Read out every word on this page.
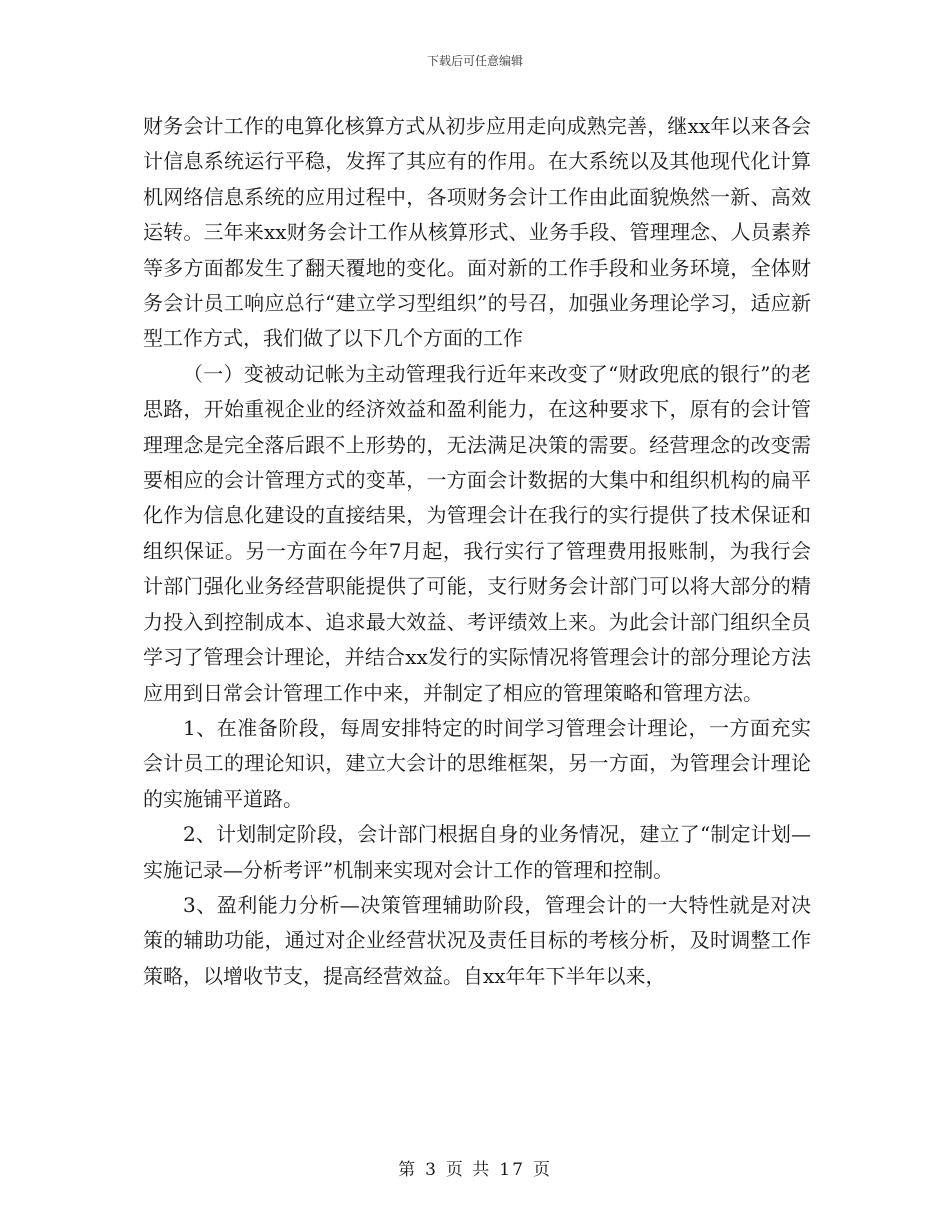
下载后可任意编辑

财务会计工作的电算化核算方式从初步应用走向成熟完善，继xx年以来各会计信息系统运行平稳，发挥了其应有的作用。在大系统以及其他现代化计算机网络信息系统的应用过程中，各项财务会计工作由此面貌焕然一新、高效运转。三年来xx财务会计工作从核算形式、业务手段、管理理念、人员素养等多方面都发生了翻天覆地的变化。面对新的工作手段和业务环境，全体财务会计员工响应总行“建立学习型组织”的号召，加强业务理论学习，适应新型工作方式，我们做了以下几个方面的工作

（一）变被动记帐为主动管理我行近年来改变了“财政兜底的银行”的老思路，开始重视企业的经济效益和盈利能力，在这种要求下，原有的会计管理理念是完全落后跟不上形势的，无法满足决策的需要。经营理念的改变需要相应的会计管理方式的变革，一方面会计数据的大集中和组织机构的扁平化作为信息化建设的直接结果，为管理会计在我行的实行提供了技术保证和组织保证。另一方面在今年7月起，我行实行了管理费用报账制，为我行会计部门强化业务经营职能提供了可能，支行财务会计部门可以将大部分的精力投入到控制成本、追求最大效益、考评绩效上来。为此会计部门组织全员学习了管理会计理论，并结合xx发行的实际情况将管理会计的部分理论方法应用到日常会计管理工作中来，并制定了相应的管理策略和管理方法。

1、在准备阶段，每周安排特定的时间学习管理会计理论，一方面充实会计员工的理论知识，建立大会计的思维框架，另一方面，为管理会计理论的实施铺平道路。

2、计划制定阶段，会计部门根据自身的业务情况，建立了“制定计划—实施记录—分析考评”机制来实现对会计工作的管理和控制。

3、盈利能力分析—决策管理辅助阶段，管理会计的一大特性就是对决策的辅助功能，通过对企业经营状况及责任目标的考核分析，及时调整工作策略，以增收节支，提高经营效益。自xx年年下半年以来，

第 3 页 共 17 页
